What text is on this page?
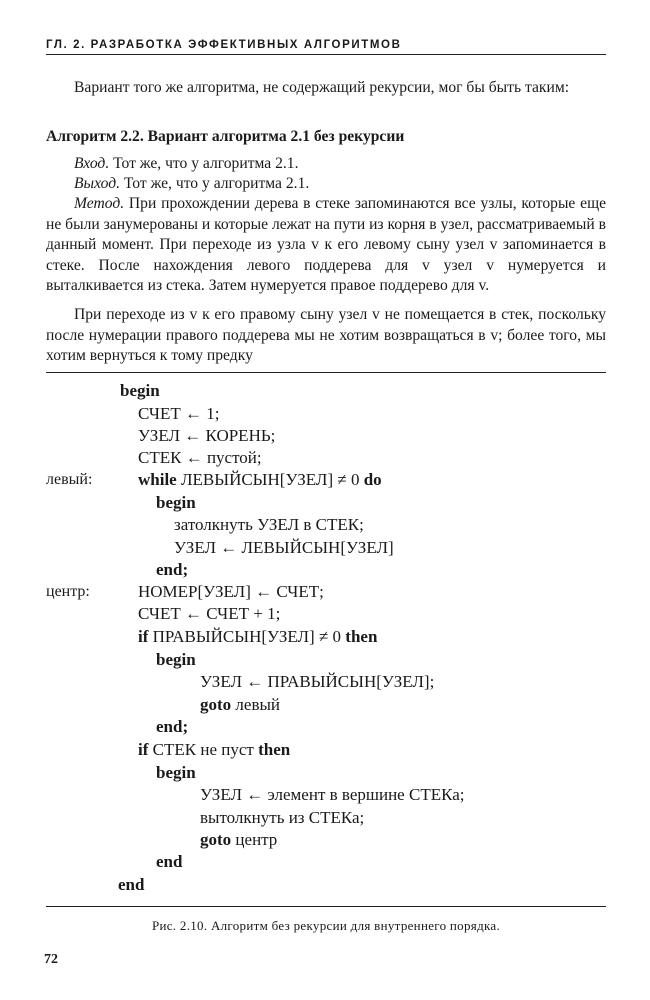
ГЛ. 2. РАЗРАБОТКА ЭФФЕКТИВНЫХ АЛГОРИТМОВ
Вариант того же алгоритма, не содержащий рекурсии, мог бы быть таким:
Алгоритм 2.2. Вариант алгоритма 2.1 без рекурсии
Вход. Тот же, что у алгоритма 2.1.
Выход. Тот же, что у алгоритма 2.1.
Метод. При прохождении дерева в стеке запоминаются все узлы, которые еще не были занумерованы и которые лежат на пути из корня в узел, рассматриваемый в данный момент. При переходе из узла v к его левому сыну узел v запоминается в стеке. После нахождения левого поддерева для v узел v нумеруется и выталкивается из стека. Затем нумеруется правое поддерево для v.
При переходе из v к его правому сыну узел v не помещается в стек, поскольку после нумерации правого поддерева мы не хотим возвращаться в v; более того, мы хотим вернуться к тому предку
левый:
центр:
begin
СЧЕТ ← 1;
УЗЕЛ ← КОРЕНЬ;
СТЕК ← пустой;
while ЛЕВЫЙСЫН[УЗЕЛ] ≠ 0 do
begin
затолкнуть УЗЕЛ в СТЕК;
УЗЕЛ ← ЛЕВЫЙСЫН[УЗЕЛ]
end;
НОМЕР[УЗЕЛ] ← СЧЕТ;
СЧЕТ ← СЧЕТ + 1;
if ПРАВЫЙСЫН[УЗЕЛ] ≠ 0 then
begin
УЗЕЛ ← ПРАВЫЙСЫН[УЗЕЛ];
goto левый
end;
if СТЕК не пуст then
begin
УЗЕЛ ← элемент в вершине СТЕКа;
вытолкнуть из СТЕКа;
goto центр
end
end
Рис. 2.10. Алгоритм без рекурсии для внутреннего порядка.
72
